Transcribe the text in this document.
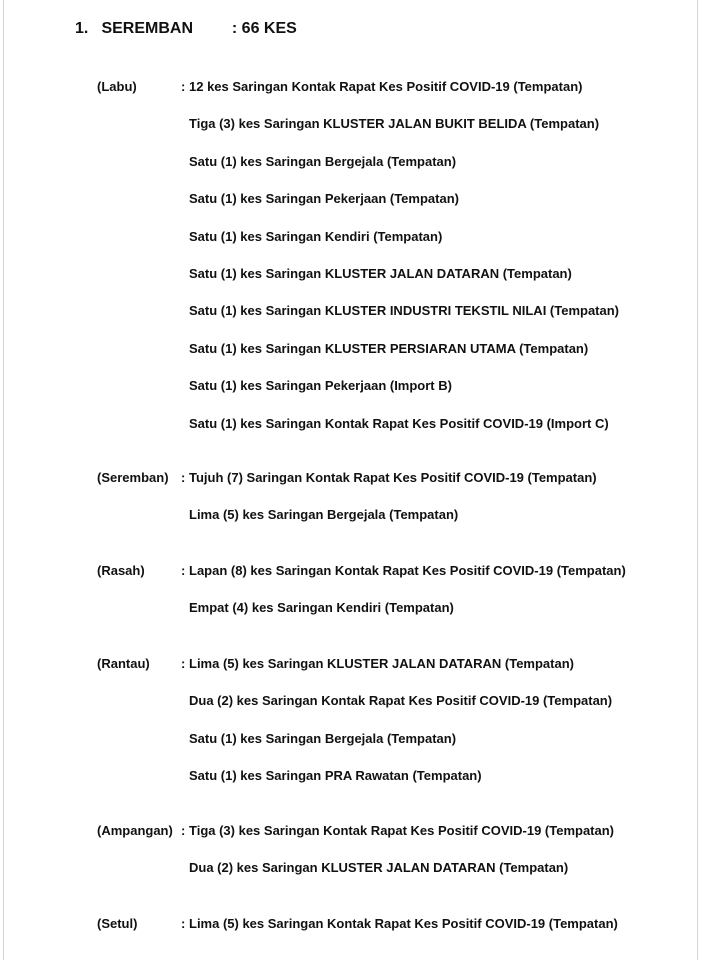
1. SEREMBAN : 66 KES
(Labu)	: 12 kes Saringan Kontak Rapat Kes Positif COVID-19 (Tempatan)
Tiga (3) kes Saringan KLUSTER JALAN BUKIT BELIDA (Tempatan)
Satu (1) kes Saringan Bergejala (Tempatan)
Satu (1) kes Saringan Pekerjaan (Tempatan)
Satu (1) kes Saringan Kendiri (Tempatan)
Satu (1) kes Saringan KLUSTER JALAN DATARAN (Tempatan)
Satu (1) kes Saringan KLUSTER INDUSTRI TEKSTIL NILAI (Tempatan)
Satu (1) kes Saringan KLUSTER PERSIARAN UTAMA (Tempatan)
Satu (1) kes Saringan Pekerjaan (Import B)
Satu (1) kes Saringan Kontak Rapat Kes Positif COVID-19 (Import C)
(Seremban) : Tujuh (7) Saringan Kontak Rapat Kes Positif COVID-19 (Tempatan)
Lima (5) kes Saringan Bergejala (Tempatan)
(Rasah)	: Lapan (8) kes Saringan Kontak Rapat Kes Positif COVID-19 (Tempatan)
Empat (4) kes Saringan Kendiri (Tempatan)
(Rantau) : Lima (5) kes Saringan KLUSTER JALAN DATARAN (Tempatan)
Dua (2) kes Saringan Kontak Rapat Kes Positif COVID-19 (Tempatan)
Satu (1) kes Saringan Bergejala (Tempatan)
Satu (1) kes Saringan PRA Rawatan (Tempatan)
(Ampangan) : Tiga (3) kes Saringan Kontak Rapat Kes Positif COVID-19 (Tempatan)
Dua (2) kes Saringan KLUSTER JALAN DATARAN (Tempatan)
(Setul)	: Lima (5) kes Saringan Kontak Rapat Kes Positif COVID-19 (Tempatan)
